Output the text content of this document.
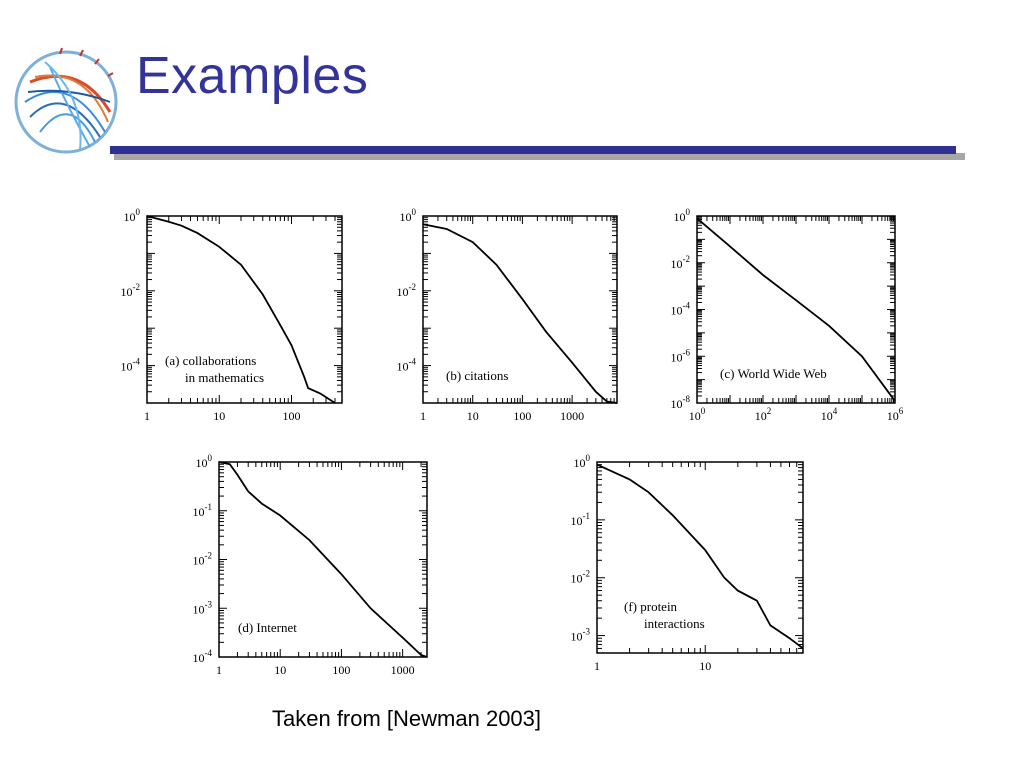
Examples
1	10	100
$10^0$
$10^{-2}$
$10^{-4}$ (a) collaborations
in mathematics
1	10	100 1000
$10^0$
$10^{-2}$
$10^{-4}$
(b) citations
$10^0$	$10^2$	$10^4$	$10^6$
$10^0$
$10^{-2}$
$10^{-4}$
$10^{-6}$
$10^{-8}$
(c) World Wide Web
1	10	100	1000
$10^0$
$10^{-1}$
$10^{-2}$
$10^{-3}$
$10^{-4}$
(d) Internet
1	10
$10^0$
$10^{-1}$
$10^{-2}$
$10^{-3}$
(f) protein
interactions
Taken from [Newman 2003]
